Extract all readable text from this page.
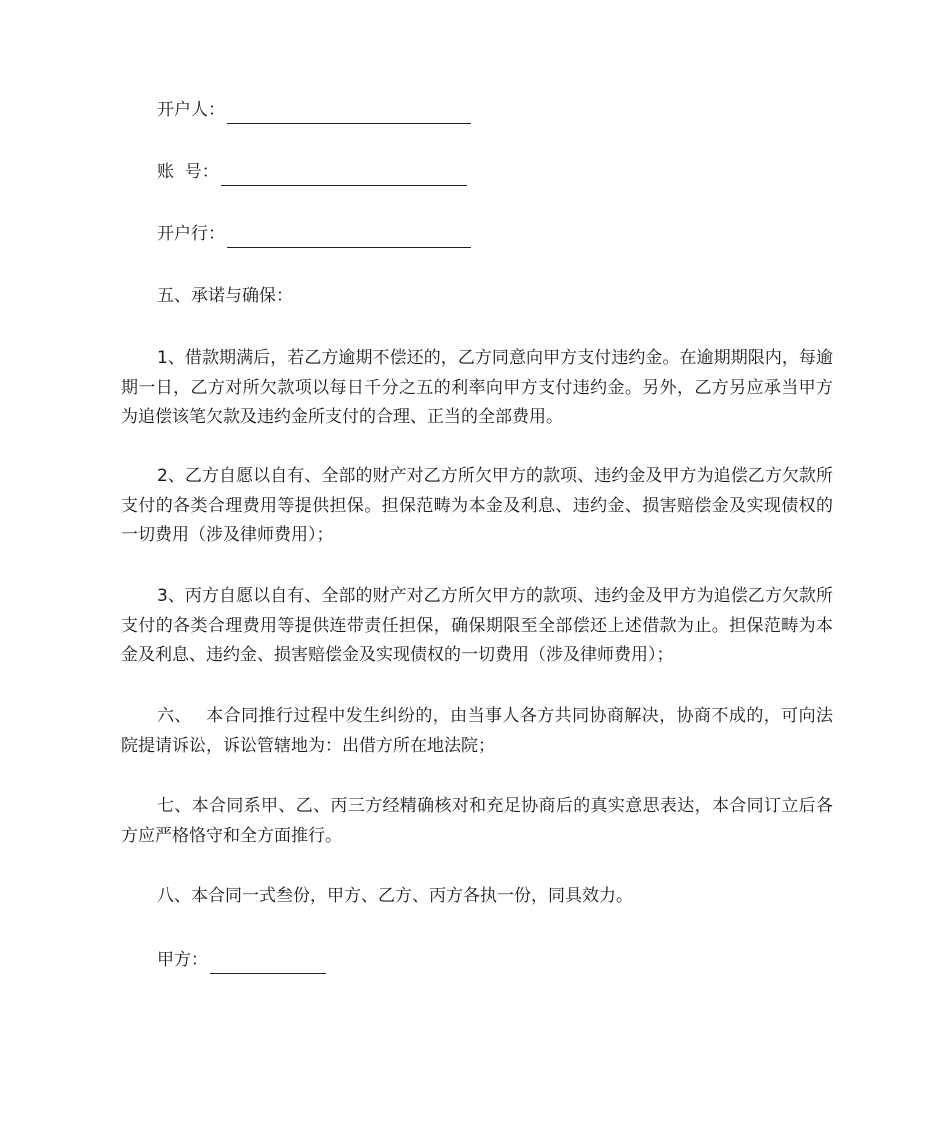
开户人：
账  号：
开户行：
五、承诺与确保：
1、借款期满后，若乙方逾期不偿还的，乙方同意向甲方支付违约金。在逾期期限内，每逾期一日，乙方对所欠款项以每日千分之五的利率向甲方支付违约金。另外，乙方另应承当甲方为追偿该笔欠款及违约金所支付的合理、正当的全部费用。
2、乙方自愿以自有、全部的财产对乙方所欠甲方的款项、违约金及甲方为追偿乙方欠款所支付的各类合理费用等提供担保。担保范畴为本金及利息、违约金、损害赔偿金及实现债权的一切费用（涉及律师费用）；
3、丙方自愿以自有、全部的财产对乙方所欠甲方的款项、违约金及甲方为追偿乙方欠款所支付的各类合理费用等提供连带责任担保，确保期限至全部偿还上述借款为止。担保范畴为本金及利息、违约金、损害赔偿金及实现债权的一切费用（涉及律师费用）；
六、 本合同推行过程中发生纠纷的，由当事人各方共同协商解决，协商不成的，可向法院提请诉讼，诉讼管辖地为：出借方所在地法院；
七、本合同系甲、乙、丙三方经精确核对和充足协商后的真实意思表达，本合同订立后各方应严格恪守和全方面推行。
八、本合同一式叁份，甲方、乙方、丙方各执一份，同具效力。
甲方：
